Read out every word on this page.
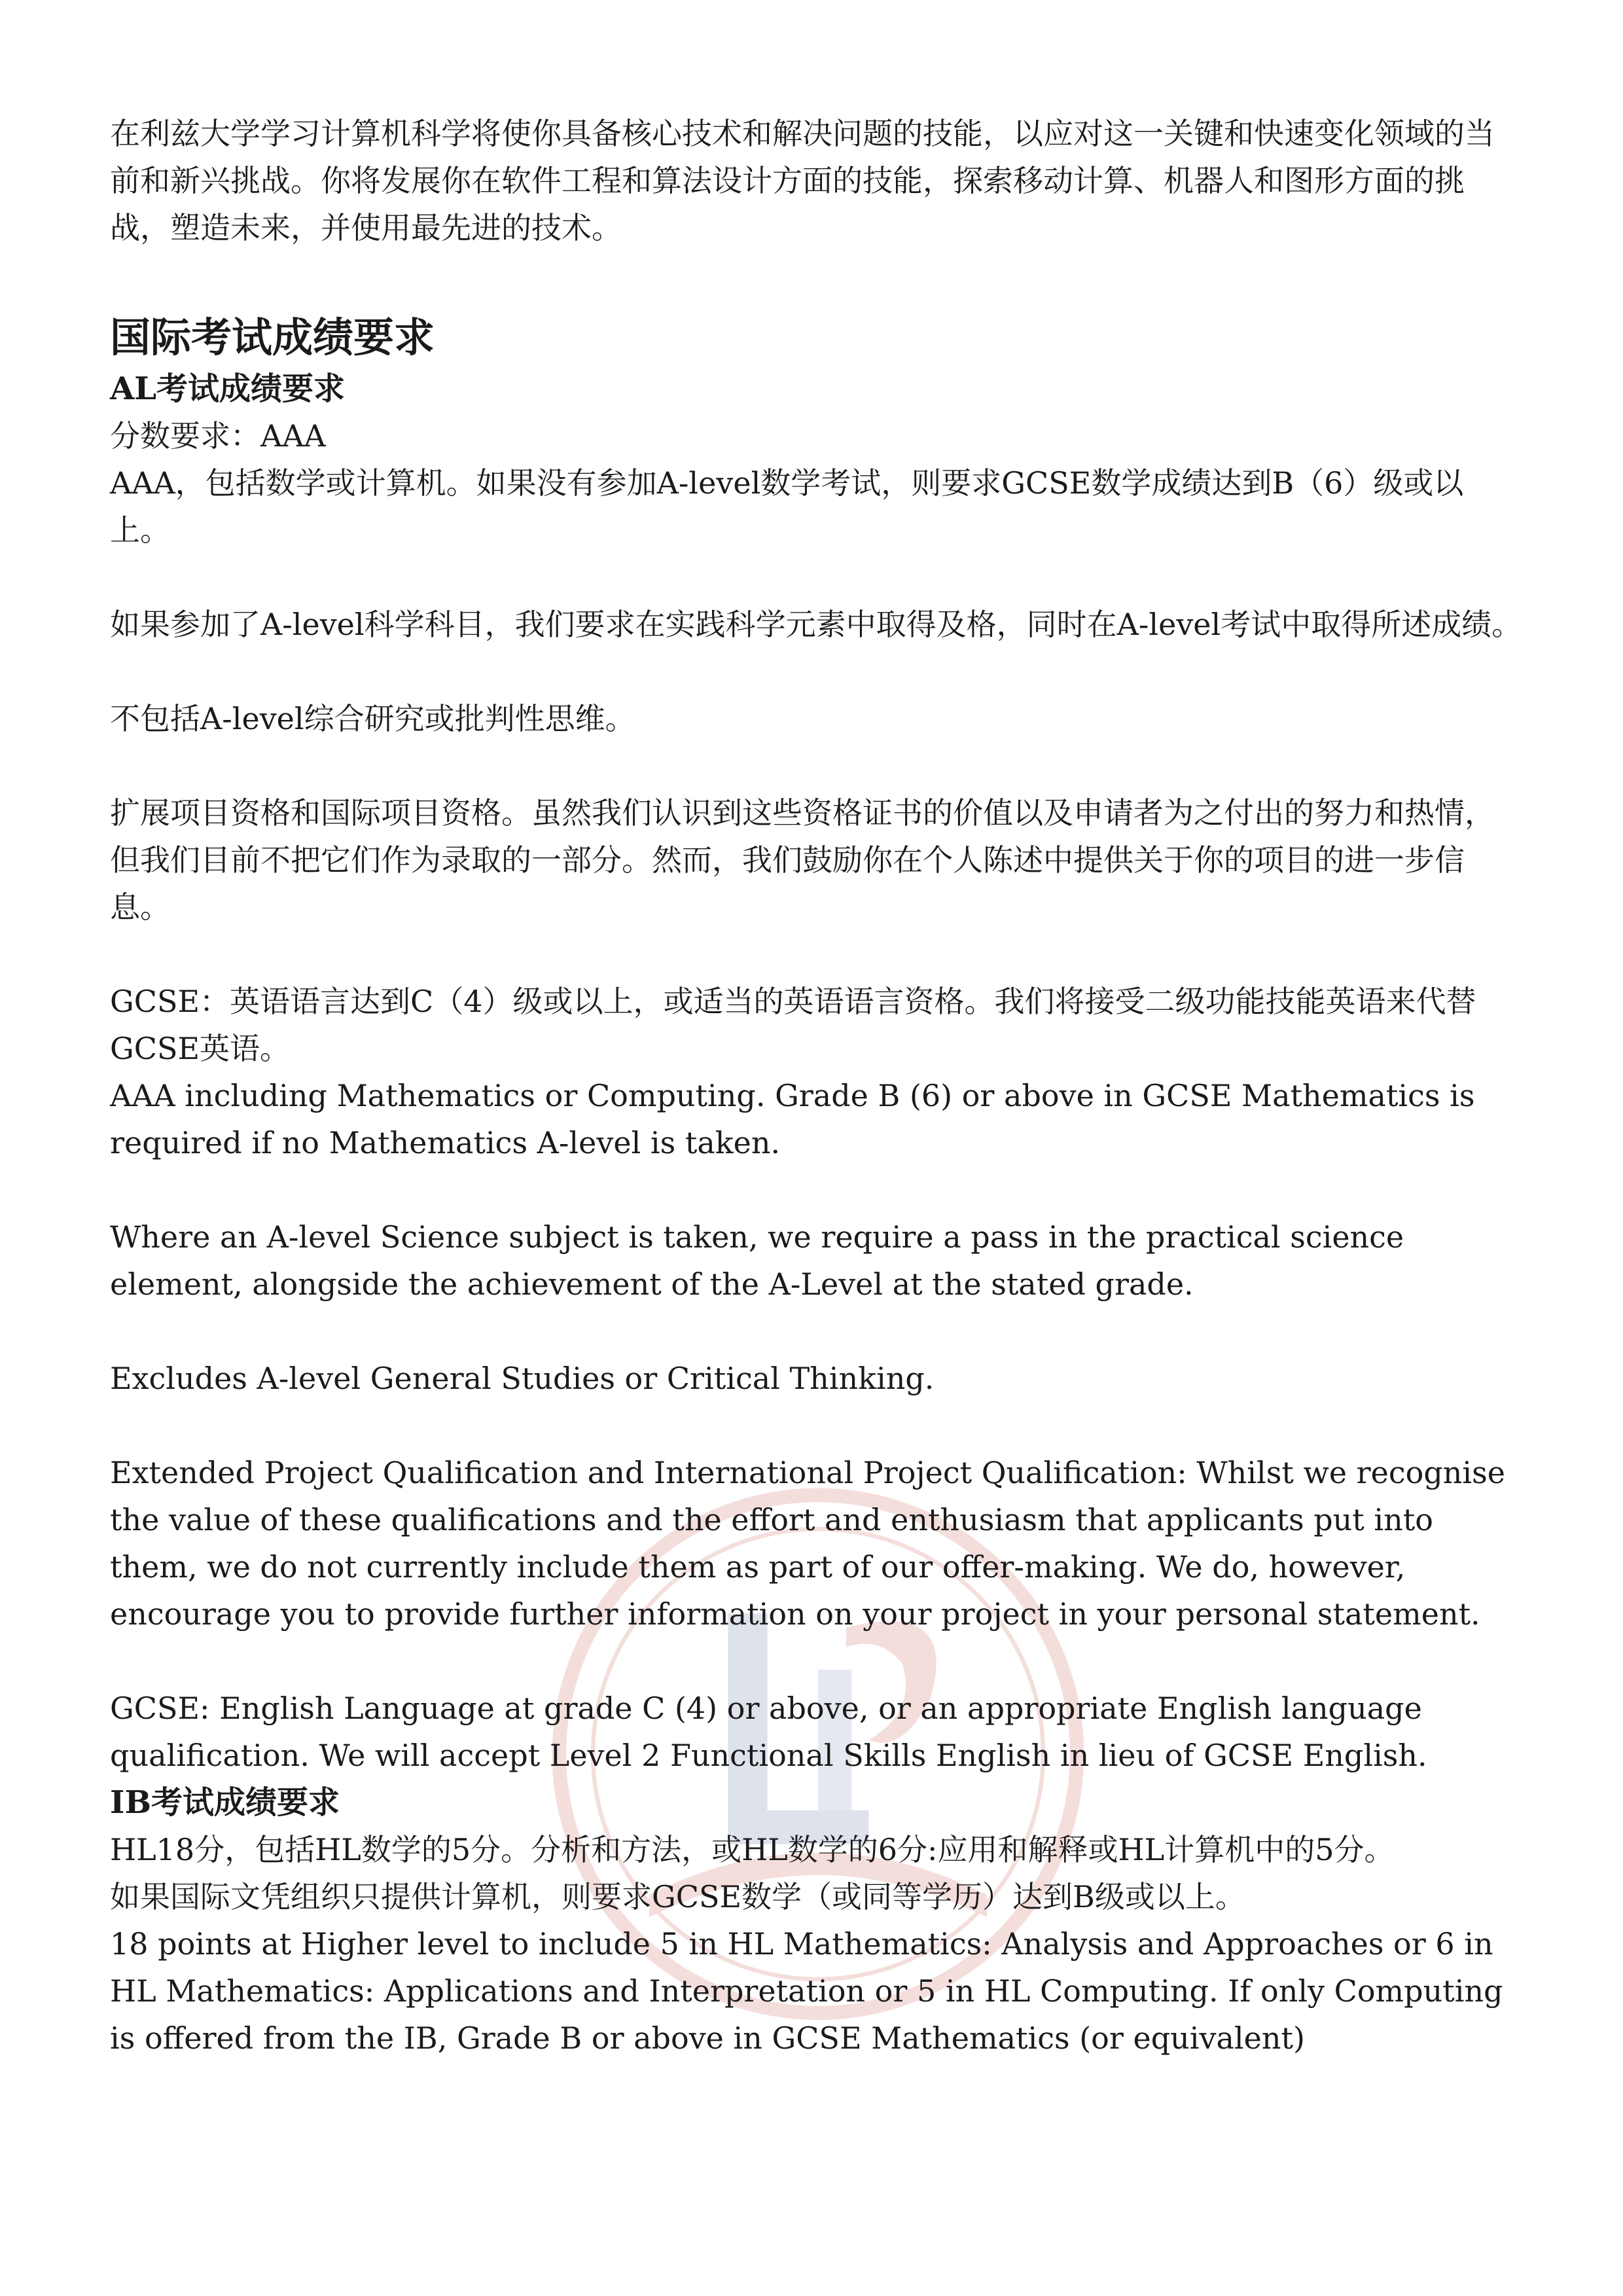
在利兹大学学习计算机科学将使你具备核心技术和解决问题的技能，以应对这一关键和快速变化领域的当前和新兴挑战。你将发展你在软件工程和算法设计方面的技能，探索移动计算、机器人和图形方面的挑战，塑造未来，并使用最先进的技术。

国际考试成绩要求
AL考试成绩要求

分数要求：AAA

AAA，包括数学或计算机。如果没有参加A-level数学考试，则要求GCSE数学成绩达到B（6）级或以上。

如果参加了A-level科学科目，我们要求在实践科学元素中取得及格，同时在A-level考试中取得所述成绩。

不包括A-level综合研究或批判性思维。

扩展项目资格和国际项目资格。虽然我们认识到这些资格证书的价值以及申请者为之付出的努力和热情，但我们目前不把它们作为录取的一部分。然而，我们鼓励你在个人陈述中提供关于你的项目的进一步信息。

GCSE：英语语言达到C（4）级或以上，或适当的英语语言资格。我们将接受二级功能技能英语来代替GCSE英语。

AAA including Mathematics or Computing. Grade B (6) or above in GCSE Mathematics is required if no Mathematics A-level is taken.

Where an A-level Science subject is taken, we require a pass in the practical science element, alongside the achievement of the A-Level at the stated grade.

Excludes A-level General Studies or Critical Thinking.

Extended Project Qualification and International Project Qualification: Whilst we recognise the value of these qualifications and the effort and enthusiasm that applicants put into them, we do not currently include them as part of our offer-making. We do, however, encourage you to provide further information on your project in your personal statement.

GCSE: English Language at grade C (4) or above, or an appropriate English language qualification. We will accept Level 2 Functional Skills English in lieu of GCSE English.

IB考试成绩要求

HL18分，包括HL数学的5分。分析和方法，或HL数学的6分:应用和解释或HL计算机中的5分。

如果国际文凭组织只提供计算机，则要求GCSE数学（或同等学历）达到B级或以上。

18 points at Higher level to include 5 in HL Mathematics: Analysis and Approaches or 6 in HL Mathematics: Applications and Interpretation or 5 in HL Computing. If only Computing is offered from the IB, Grade B or above in GCSE Mathematics (or equivalent)
